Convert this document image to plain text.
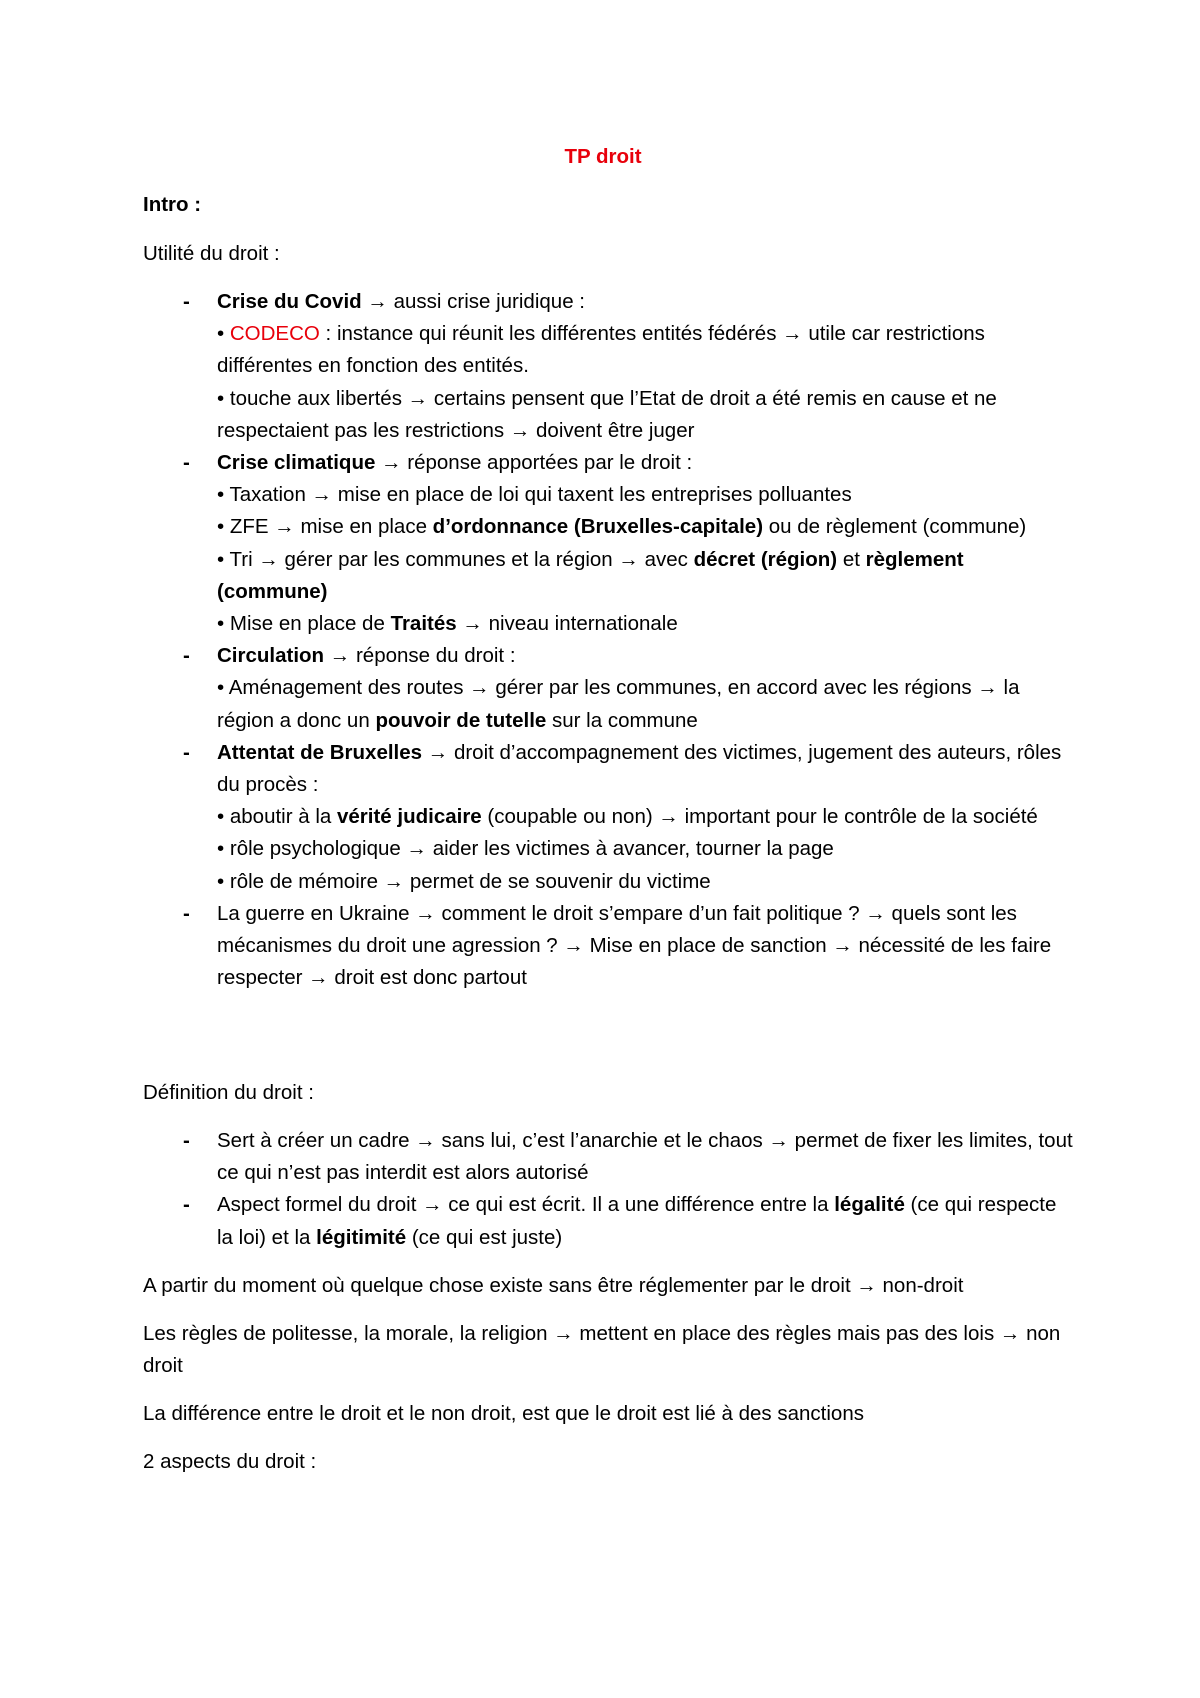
TP droit
Intro :
Utilité du droit :
- Crise du Covid → aussi crise juridique :
• CODECO : instance qui réunit les différentes entités fédérés → utile car restrictions différentes en fonction des entités.
• touche aux libertés → certains pensent que l’Etat de droit a été remis en cause et ne respectaient pas les restrictions → doivent être juger
- Crise climatique → réponse apportées par le droit :
• Taxation → mise en place de loi qui taxent les entreprises polluantes
• ZFE → mise en place d’ordonnance (Bruxelles-capitale) ou de règlement (commune)
• Tri → gérer par les communes et la région → avec décret (région) et règlement (commune)
• Mise en place de Traités → niveau internationale
- Circulation → réponse du droit :
• Aménagement des routes → gérer par les communes, en accord avec les régions → la région a donc un pouvoir de tutelle sur la commune
- Attentat de Bruxelles → droit d’accompagnement des victimes, jugement des auteurs, rôles du procès :
• aboutir à la vérité judicaire (coupable ou non) → important pour le contrôle de la société
• rôle psychologique → aider les victimes à avancer, tourner la page
• rôle de mémoire → permet de se souvenir du victime
- La guerre en Ukraine → comment le droit s’empare d’un fait politique ? → quels sont les mécanismes du droit une agression ? → Mise en place de sanction → nécessité de les faire respecter → droit est donc partout
Définition du droit :
- Sert à créer un cadre → sans lui, c’est l’anarchie et le chaos → permet de fixer les limites, tout ce qui n’est pas interdit est alors autorisé
- Aspect formel du droit → ce qui est écrit. Il a une différence entre la légalité (ce qui respecte la loi) et la légitimité (ce qui est juste)
A partir du moment où quelque chose existe sans être réglementer par le droit → non-droit
Les règles de politesse, la morale, la religion → mettent en place des règles mais pas des lois → non droit
La différence entre le droit et le non droit, est que le droit est lié à des sanctions
2 aspects du droit :
